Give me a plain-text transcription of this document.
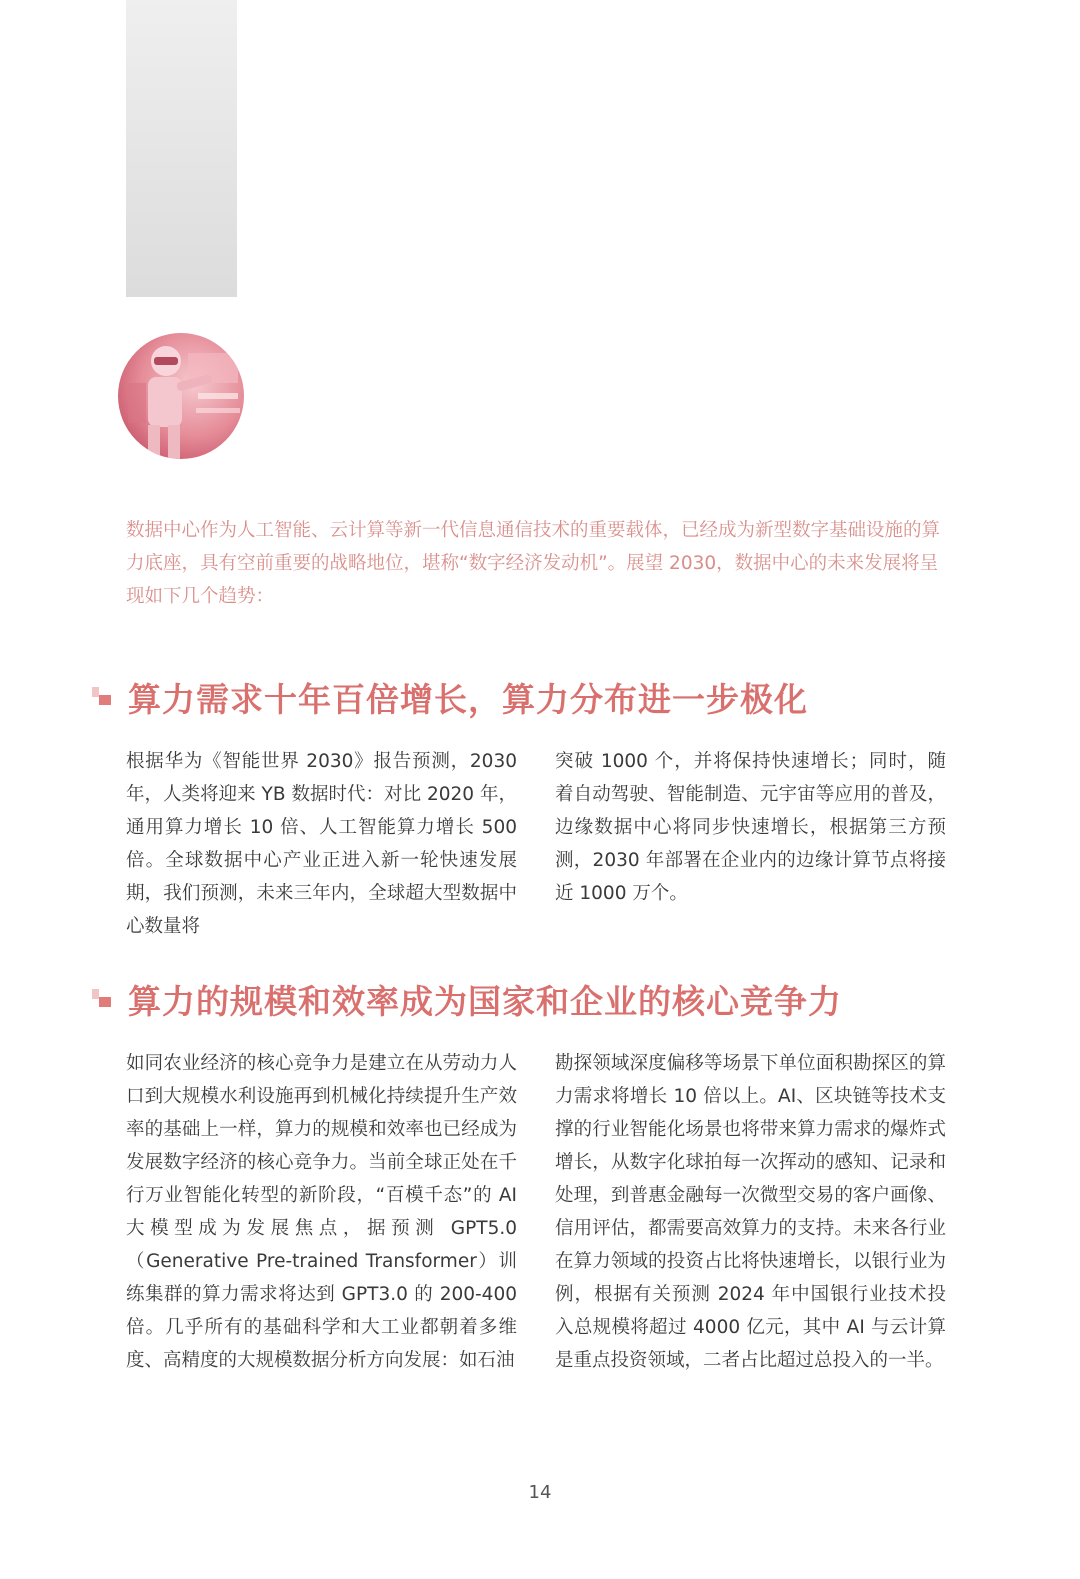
数据中心作为人工智能、云计算等新一代信息通信技术的重要载体，已经成为新型数字基础设施的算力底座，具有空前重要的战略地位，堪称“数字经济发动机”。展望 2030，数据中心的未来发展将呈现如下几个趋势：

算力需求十年百倍增长，算力分布进一步极化

根据华为《智能世界 2030》报告预测，2030 年，人类将迎来 YB 数据时代：对比 2020 年，通用算力增长 10 倍、人工智能算力增长 500 倍。全球数据中心产业正进入新一轮快速发展期，我们预测，未来三年内，全球超大型数据中心数量将

突破 1000 个，并将保持快速增长；同时，随着自动驾驶、智能制造、元宇宙等应用的普及，边缘数据中心将同步快速增长，根据第三方预测，2030 年部署在企业内的边缘计算节点将接近 1000 万个。

算力的规模和效率成为国家和企业的核心竞争力

如同农业经济的核心竞争力是建立在从劳动力人口到大规模水利设施再到机械化持续提升生产效率的基础上一样，算力的规模和效率也已经成为发展数字经济的核心竞争力。当前全球正处在千行万业智能化转型的新阶段，“百模千态”的 AI 大模型成为发展焦点，据预测 GPT5.0（Generative Pre-trained Transformer）训练集群的算力需求将达到 GPT3.0 的 200-400 倍。几乎所有的基础科学和大工业都朝着多维度、高精度的大规模数据分析方向发展：如石油

勘探领域深度偏移等场景下单位面积勘探区的算力需求将增长 10 倍以上。AI、区块链等技术支撑的行业智能化场景也将带来算力需求的爆炸式增长，从数字化球拍每一次挥动的感知、记录和处理，到普惠金融每一次微型交易的客户画像、信用评估，都需要高效算力的支持。未来各行业在算力领域的投资占比将快速增长，以银行业为例，根据有关预测 2024 年中国银行业技术投入总规模将超过 4000 亿元，其中 AI 与云计算是重点投资领域，二者占比超过总投入的一半。

14
